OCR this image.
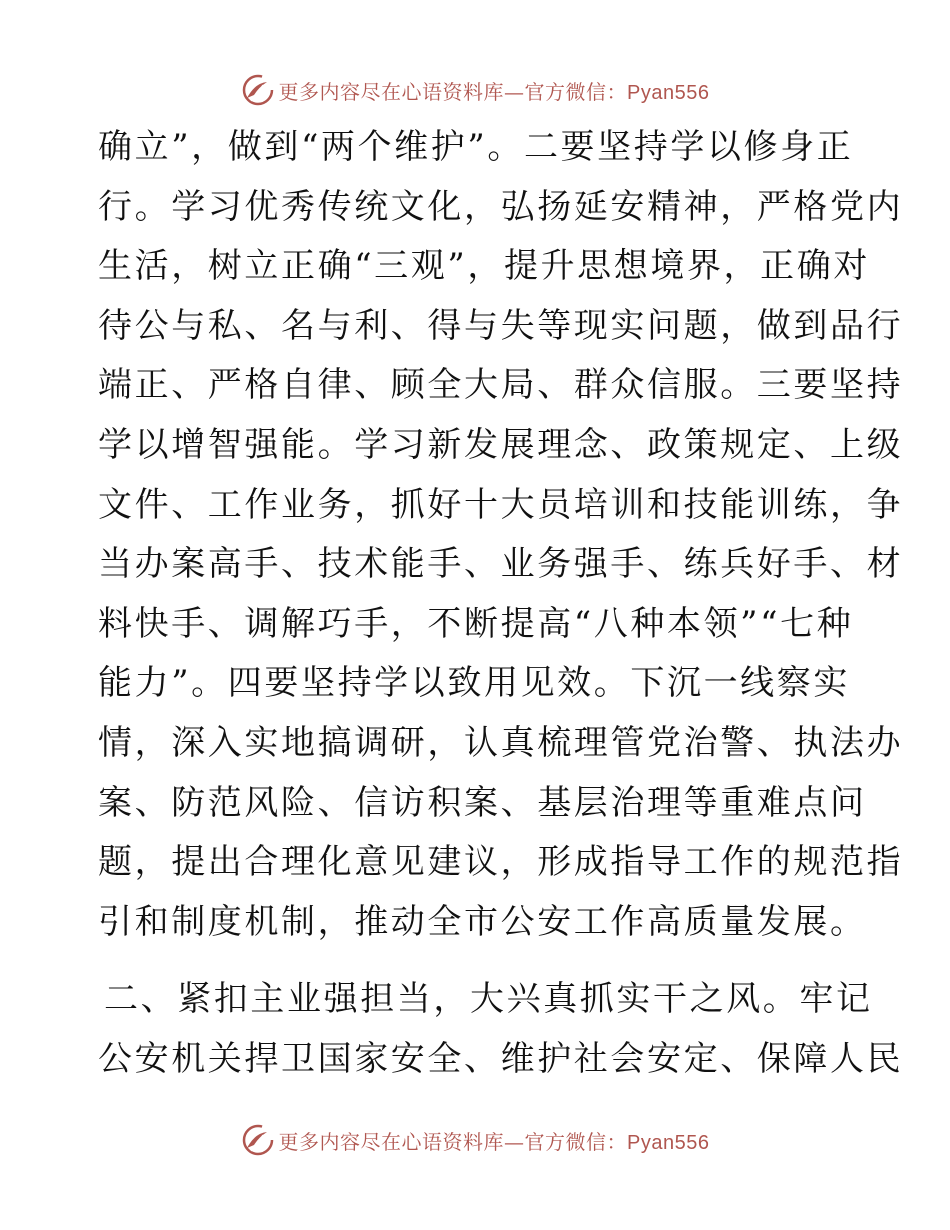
更多内容尽在心语资料库—官方微信：Pyan556
确立”，做到“两个维护”。二要坚持学以修身正
行。学习优秀传统文化，弘扬延安精神，严格党内
生活，树立正确“三观”，提升思想境界，正确对
待公与私、名与利、得与失等现实问题，做到品行
端正、严格自律、顾全大局、群众信服。三要坚持
学以增智强能。学习新发展理念、政策规定、上级
文件、工作业务，抓好十大员培训和技能训练，争
当办案高手、技术能手、业务强手、练兵好手、材
料快手、调解巧手，不断提高“八种本领”“七种
能力”。四要坚持学以致用见效。下沉一线察实
情，深入实地搞调研，认真梳理管党治警、执法办
案、防范风险、信访积案、基层治理等重难点问
题，提出合理化意见建议，形成指导工作的规范指
引和制度机制，推动全市公安工作高质量发展。
二、紧扣主业强担当，大兴真抓实干之风。牢记
公安机关捍卫国家安全、维护社会安定、保障人民
更多内容尽在心语资料库—官方微信：Pyan556
